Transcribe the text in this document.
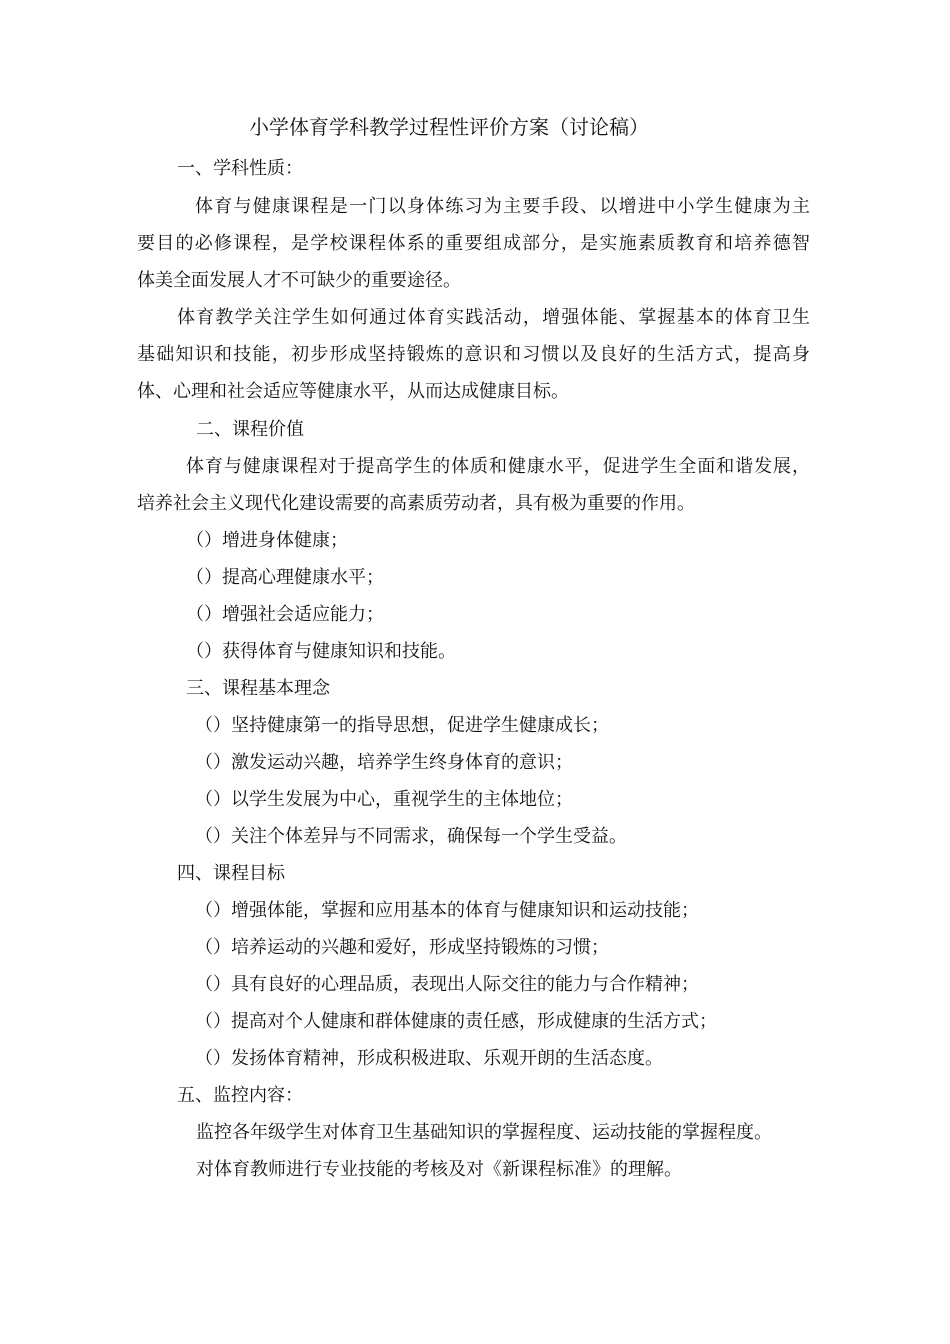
小学体育学科教学过程性评价方案（讨论稿）
一、学科性质：
体育与健康课程是一门以身体练习为主要手段、以增进中小学生健康为主
要目的必修课程，是学校课程体系的重要组成部分，是实施素质教育和培养德智
体美全面发展人才不可缺少的重要途径。
体育教学关注学生如何通过体育实践活动，增强体能、掌握基本的体育卫生
基础知识和技能，初步形成坚持锻炼的意识和习惯以及良好的生活方式，提高身
体、心理和社会适应等健康水平，从而达成健康目标。
二、课程价值
体育与健康课程对于提高学生的体质和健康水平，促进学生全面和谐发展，
培养社会主义现代化建设需要的高素质劳动者，具有极为重要的作用。
（）增进身体健康；
（）提高心理健康水平；
（）增强社会适应能力；
（）获得体育与健康知识和技能。
三、课程基本理念
（）坚持健康第一的指导思想，促进学生健康成长；
（）激发运动兴趣，培养学生终身体育的意识；
（）以学生发展为中心，重视学生的主体地位；
（）关注个体差异与不同需求，确保每一个学生受益。
四、课程目标
（）增强体能，掌握和应用基本的体育与健康知识和运动技能；
（）培养运动的兴趣和爱好，形成坚持锻炼的习惯；
（）具有良好的心理品质，表现出人际交往的能力与合作精神；
（）提高对个人健康和群体健康的责任感，形成健康的生活方式；
（）发扬体育精神，形成积极进取、乐观开朗的生活态度。
五、监控内容：
监控各年级学生对体育卫生基础知识的掌握程度、运动技能的掌握程度。
对体育教师进行专业技能的考核及对《新课程标准》的理解。
